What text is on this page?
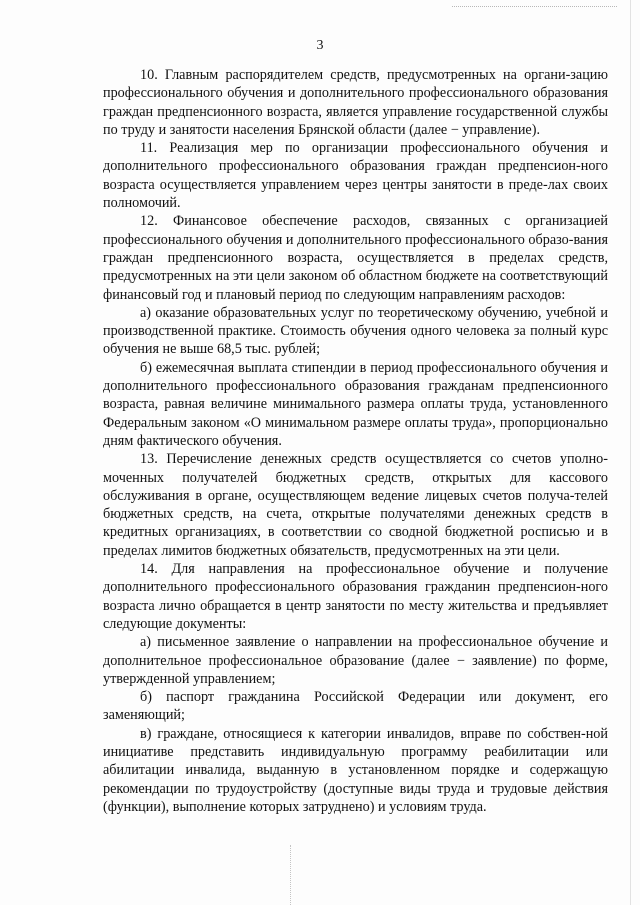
3

10. Главным распорядителем средств, предусмотренных на органи-зацию профессионального обучения и дополнительного профессионального образования граждан предпенсионного возраста, является управление государственной службы по труду и занятости населения Брянской области (далее − управление).

11. Реализация мер по организации профессионального обучения и дополнительного профессионального образования граждан предпенсион-ного возраста осуществляется управлением через центры занятости в преде-лах своих полномочий.

12. Финансовое обеспечение расходов, связанных с организацией профессионального обучения и дополнительного профессионального образо-вания граждан предпенсионного возраста, осуществляется в пределах средств, предусмотренных на эти цели законом об областном бюджете на соответствующий финансовый год и плановый период по следующим направлениям расходов:

а) оказание образовательных услуг по теоретическому обучению, учебной и производственной практике. Стоимость обучения одного человека за полный курс обучения не выше 68,5 тыс. рублей;

б) ежемесячная выплата стипендии в период профессионального обучения и дополнительного профессионального образования гражданам предпенсионного возраста, равная величине минимального размера оплаты труда, установленного Федеральным законом «О минимальном размере оплаты труда», пропорционально дням фактического обучения.

13. Перечисление денежных средств осуществляется со счетов уполно-моченных получателей бюджетных средств, открытых для кассового обслуживания в органе, осуществляющем ведение лицевых счетов получа-телей бюджетных средств, на счета, открытые получателями денежных средств в кредитных организациях, в соответствии со сводной бюджетной росписью и в пределах лимитов бюджетных обязательств, предусмотренных на эти цели.

14. Для направления на профессиональное обучение и получение дополнительного профессионального образования гражданин предпенсион-ного возраста лично обращается в центр занятости по месту жительства и предъявляет следующие документы:

а) письменное заявление о направлении на профессиональное обучение и дополнительное профессиональное образование (далее − заявление) по форме, утвержденной управлением;

б) паспорт гражданина Российской Федерации или документ, его заменяющий;

в) граждане, относящиеся к категории инвалидов, вправе по собствен-ной инициативе представить индивидуальную программу реабилитации или абилитации инвалида, выданную в установленном порядке и содержащую рекомендации по трудоустройству (доступные виды труда и трудовые действия (функции), выполнение которых затруднено) и условиям труда.
